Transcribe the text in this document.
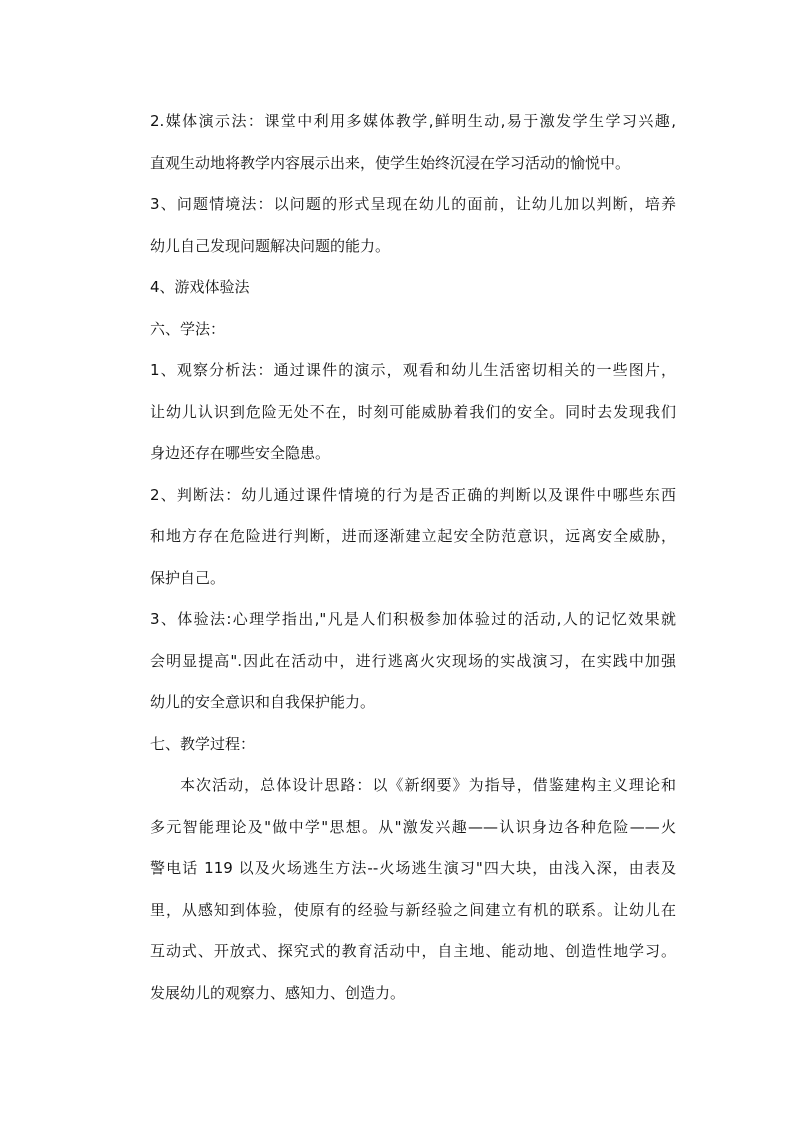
2.媒体演示法：课堂中利用多媒体教学,鲜明生动,易于激发学生学习兴趣,
直观生动地将教学内容展示出来，使学生始终沉浸在学习活动的愉悦中。
3、问题情境法：以问题的形式呈现在幼儿的面前，让幼儿加以判断，培养
幼儿自己发现问题解决问题的能力。
4、游戏体验法
六、学法：
1、观察分析法：通过课件的演示，观看和幼儿生活密切相关的一些图片，
让幼儿认识到危险无处不在，时刻可能威胁着我们的安全。同时去发现我们
身边还存在哪些安全隐患。
2、判断法：幼儿通过课件情境的行为是否正确的判断以及课件中哪些东西
和地方存在危险进行判断，进而逐渐建立起安全防范意识，远离安全威胁，
保护自己。
3、体验法:心理学指出,"凡是人们积极参加体验过的活动,人的记忆效果就
会明显提高".因此在活动中，进行逃离火灾现场的实战演习，在实践中加强
幼儿的安全意识和自我保护能力。
七、教学过程：
本次活动，总体设计思路：以《新纲要》为指导，借鉴建构主义理论和
多元智能理论及"做中学"思想。从"激发兴趣——认识身边各种危险——火
警电话 119 以及火场逃生方法--火场逃生演习"四大块，由浅入深，由表及
里，从感知到体验，使原有的经验与新经验之间建立有机的联系。让幼儿在
互动式、开放式、探究式的教育活动中，自主地、能动地、创造性地学习。
发展幼儿的观察力、感知力、创造力。
